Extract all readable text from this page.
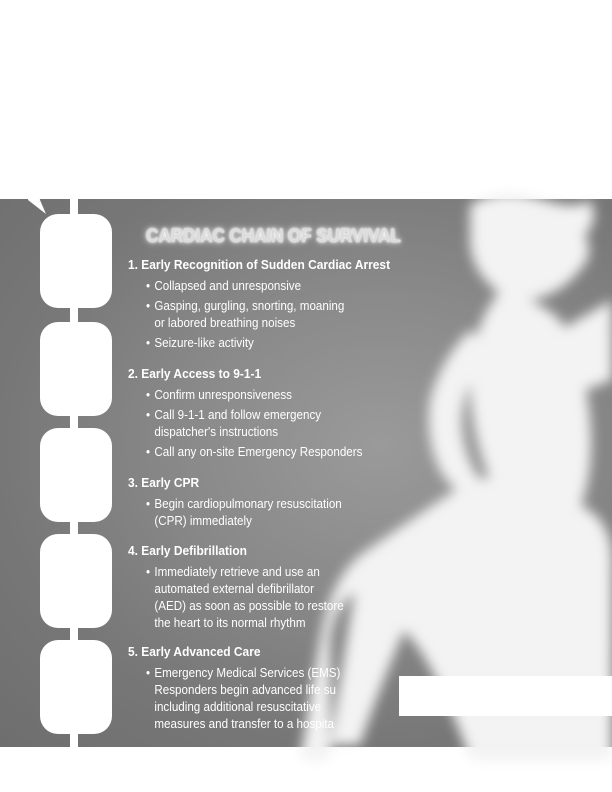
CARDIAC CHAIN OF SURVIVAL
1. Early Recognition of Sudden Cardiac Arrest
• Collapsed and unresponsive
• Gasping, gurgling, snorting, moaning
or labored breathing noises
• Seizure-like activity
2. Early Access to 9-1-1
• Confirm unresponsiveness
• Call 9-1-1 and follow emergency
dispatcher's instructions
• Call any on-site Emergency Responders
3. Early CPR
• Begin cardiopulmonary resuscitation
(CPR) immediately
4. Early Defibrillation
• Immediately retrieve and use an
automated external defibrillator
(AED) as soon as possible to restore
the heart to its normal rhythm
5. Early Advanced Care
• Emergency Medical Services (EMS)
Responders begin advanced life su
including additional resuscitative
measures and transfer to a hospita
